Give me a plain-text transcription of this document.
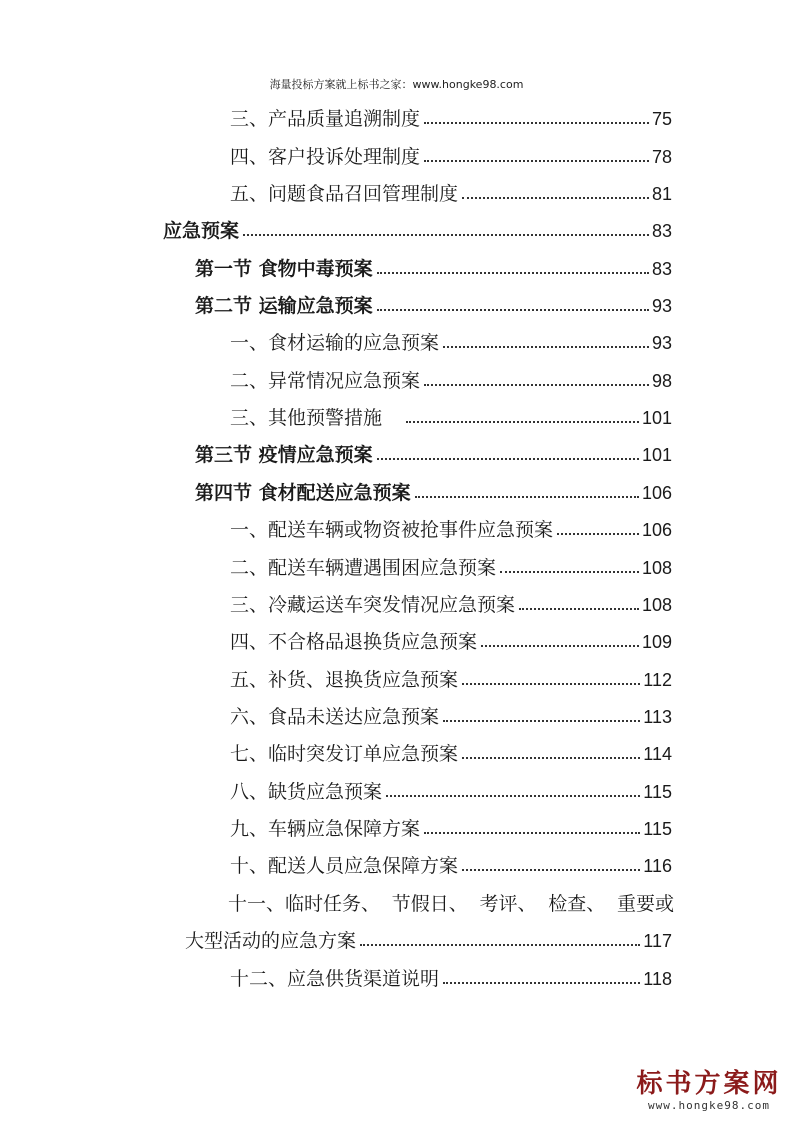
海量投标方案就上标书之家：www.hongke98.com
三、产品质量追溯制度	75
四、客户投诉处理制度	78
五、问题食品召回管理制度	81
应急预案	83
第一节 食物中毒预案	83
第二节 运输应急预案	93
一、食材运输的应急预案	93
二、异常情况应急预案	98
三、其他预警措施	101
第三节 疫情应急预案	101
第四节 食材配送应急预案	106
一、配送车辆或物资被抢事件应急预案	106
二、配送车辆遭遇围困应急预案	108
三、冷藏运送车突发情况应急预案	108
四、不合格品退换货应急预案	109
五、补货、退换货应急预案	112
六、食品未送达应急预案	113
七、临时突发订单应急预案	114
八、缺货应急预案	115
九、车辆应急保障方案	115
十、配送人员应急保障方案	116
十一、临时任务、 节假日、 考评、 检查、 重要或
大型活动的应急方案	117
十二、应急供货渠道说明	118
标书方案网
www.hongke98.com
